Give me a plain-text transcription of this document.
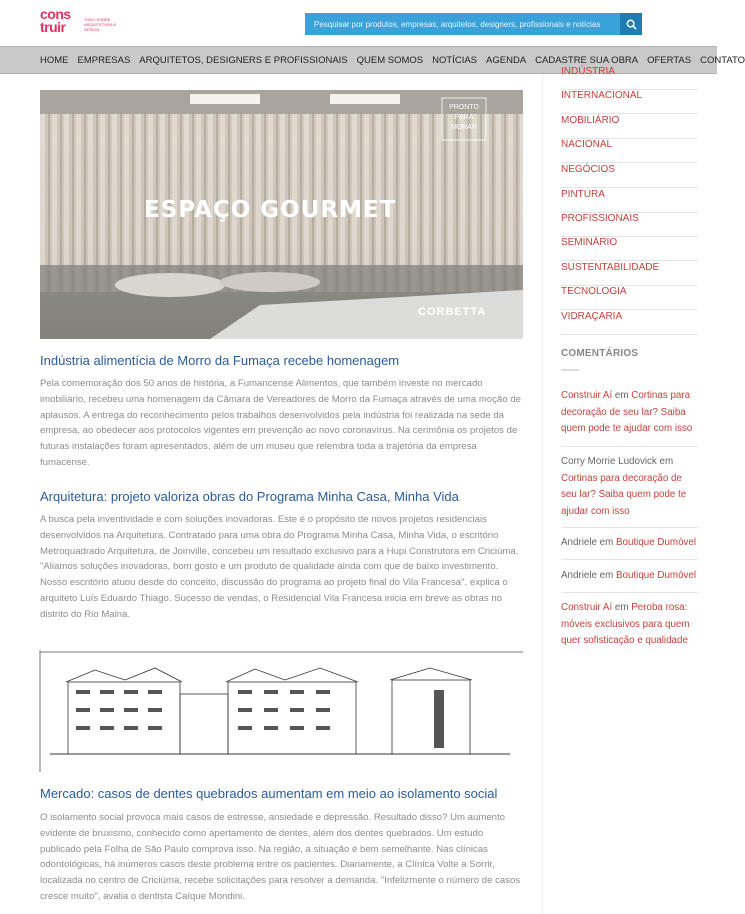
cons
truir	TUDO SOBRE ARQUITETURA E DESIGN
Pesquisar por produtos, empresas, arquitetos, designers, profissionais e notícias
HOME EMPRESAS ARQUITETOS, DESIGNERS E PROFISSIONAIS QUEM SOMOS NOTÍCIAS AGENDA CADASTRE SUA OBRA OFERTAS CONTATO
ESPAÇO GOURMET
PRONTO PARA MORAR
CORBETTA
Indústria alimentícia de Morro da Fumaça recebe homenagem

Pela comemoração dos 50 anos de história, a Fumancense Alimentos, que também investe no mercado imobiliário, recebeu uma homenagem da Câmara de Vereadores de Morro da Fumaça através de uma moção de aplausos. A entrega do reconhecimento pelos trabalhos desenvolvidos pela indústria foi realizada na sede da empresa, ao obedecer aos protocolos vigentes em prevenção ao novo coronavírus. Na cerimônia os projetos de futuras instalações foram apresentados, além de um museu que relembra toda a trajetória da empresa fumacense.

Arquitetura: projeto valoriza obras do Programa Minha Casa, Minha Vida

A busca pela inventividade e com soluções inovadoras. Este é o propósito de novos projetos residenciais desenvolvidos na Arquitetura. Contratado para uma obra do Programa Minha Casa, Minha Vida, o escritório Metroquadrado Arquitetura, de Joinville, concebeu um resultado exclusivo para a Hupi Construtora em Criciúma. "Aliamos soluções inovadoras, bom gosto e um produto de qualidade ainda com que de baixo investimento. Nosso escritório atuou desde do conceito, discussão do programa ao projeto final do Vila Francesa", explica o arquiteto Luís Eduardo Thiago. Sucesso de vendas, o Residencial Vila Francesa inicia em breve as obras no distrito do Rio Maina.

Mercado: casos de dentes quebrados aumentam em meio ao isolamento social

O isolamento social provoca mais casos de estresse, ansiedade e depressão. Resultado disso? Um aumento evidente de bruxismo, conhecido como apertamento de dentes, além dos dentes quebrados. Um estudo publicado pela Folha de São Paulo comprova isso. Na região, a situação é bem semelhante. Nas clínicas odontológicas, há inúmeros casos deste problema entre os pacientes. Diariamente, a Clínica Volte a Sorrir, localizada no centro de Criciúma, recebe solicitações para resolver a demanda. "Infelizmente o número de casos cresce muito", avalia o dentista Caíque Mondini.

INDÚSTRIA
INTERNACIONAL
MOBILIÁRIO
NACIONAL
NEGÓCIOS
PINTURA
PROFISSIONAIS
SEMINÁRIO
SUSTENTABILIDADE
TECNOLOGIA
VIDRAÇARIA
COMENTÁRIOS
Construir Aí em Cortinas para decoração de seu lar? Saiba quem pode te ajudar com isso
Corry Morrie Ludovick em Cortinas para decoração de seu lar? Saiba quem pode te ajudar com isso
Andriele em Boutique Dumóvel
Andriele em Boutique Dumóvel
Construir Aí em Peroba rosa: móveis exclusivos para quem quer sofisticação e qualidade
